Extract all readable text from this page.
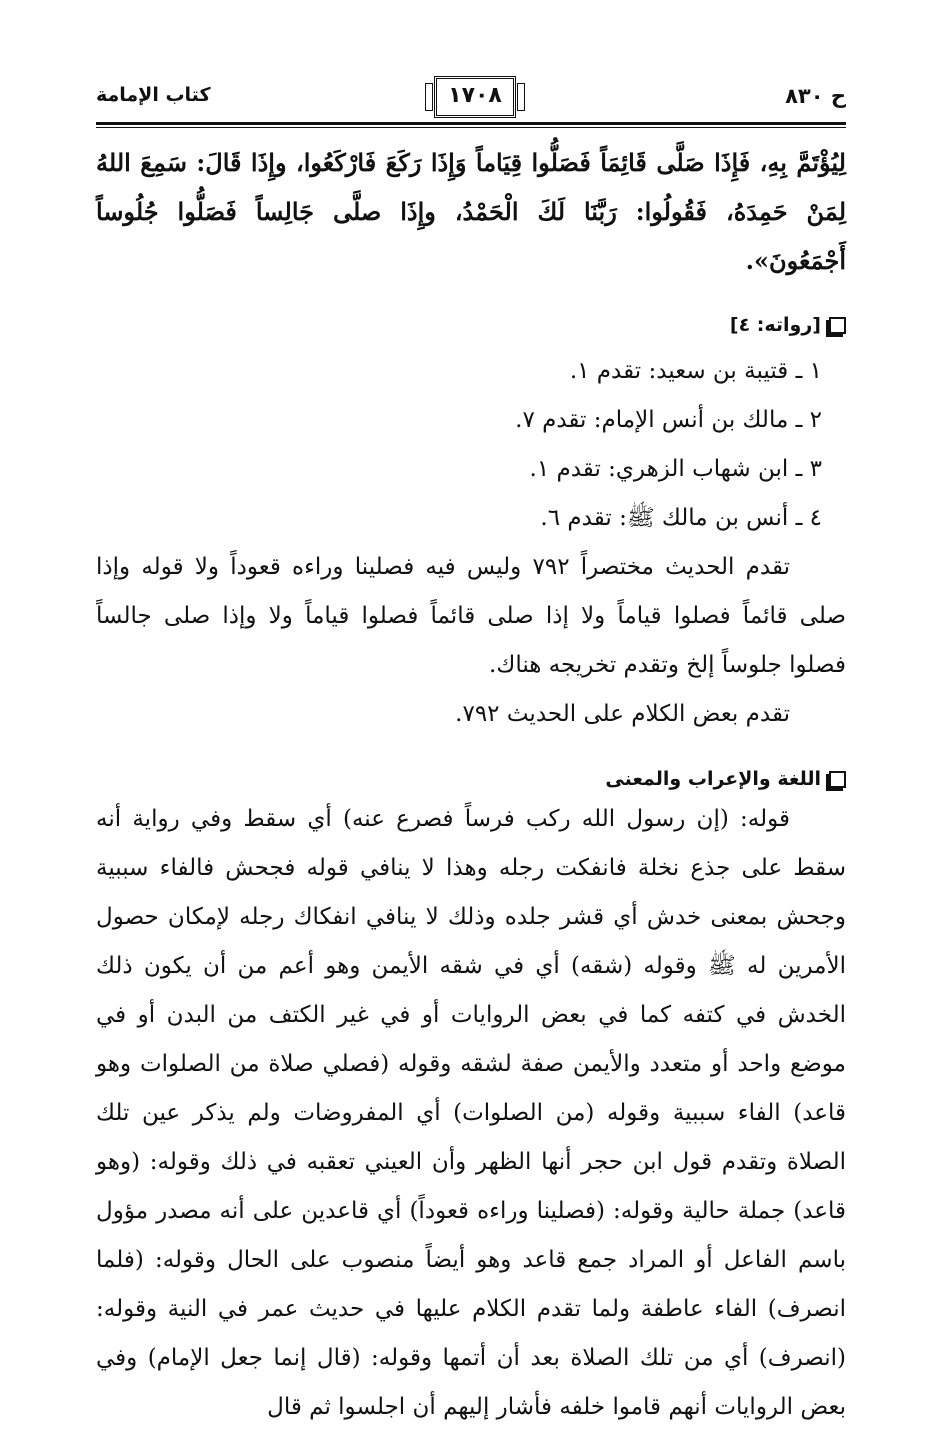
ح ٨٣٠
١٧٠٨
كتاب الإمامة

لِيُؤْتَمَّ بِهِ، فَإِذَا صَلَّى قَائِمَاً فَصَلُّوا قِيَاماً وَإِذَا رَكَعَ فَارْكَعُوا، وإِذَا قَالَ: سَمِعَ اللهُ لِمَنْ حَمِدَهُ، فَقُولُوا: رَبَّنَا لَكَ الْحَمْدُ، وإِذَا صلَّى جَالِساً فَصَلُّوا جُلُوساً أَجْمَعُونَ».

[رواته: ٤]
١ ـ قتيبة بن سعيد: تقدم ١.
٢ ـ مالك بن أنس الإمام: تقدم ٧.
٣ ـ ابن شهاب الزهري: تقدم ١.
٤ ـ أنس بن مالك ﷺ: تقدم ٦.

تقدم الحديث مختصراً ٧٩٢ وليس فيه فصلينا وراءه قعوداً ولا قوله وإذا صلى قائماً فصلوا قياماً ولا إذا صلى قائماً فصلوا قياماً ولا وإذا صلى جالساً فصلوا جلوساً إلخ وتقدم تخريجه هناك.

تقدم بعض الكلام على الحديث ٧٩٢.

اللغة والإعراب والمعنى

قوله: (إن رسول الله ركب فرساً فصرع عنه) أي سقط وفي رواية أنه سقط على جذع نخلة فانفكت رجله وهذا لا ينافي قوله فجحش فالفاء سببية وجحش بمعنى خدش أي قشر جلده وذلك لا ينافي انفكاك رجله لإمكان حصول الأمرين له ﷺ وقوله (شقه) أي في شقه الأيمن وهو أعم من أن يكون ذلك الخدش في كتفه كما في بعض الروايات أو في غير الكتف من البدن أو في موضع واحد أو متعدد والأيمن صفة لشقه وقوله (فصلي صلاة من الصلوات وهو قاعد) الفاء سببية وقوله (من الصلوات) أي المفروضات ولم يذكر عين تلك الصلاة وتقدم قول ابن حجر أنها الظهر وأن العيني تعقبه في ذلك وقوله: (وهو قاعد) جملة حالية وقوله: (فصلينا وراءه قعوداً) أي قاعدين على أنه مصدر مؤول باسم الفاعل أو المراد جمع قاعد وهو أيضاً منصوب على الحال وقوله: (فلما انصرف) الفاء عاطفة ولما تقدم الكلام عليها في حديث عمر في النية وقوله: (انصرف) أي من تلك الصلاة بعد أن أتمها وقوله: (قال إنما جعل الإمام) وفي بعض الروايات أنهم قاموا خلفه فأشار إليهم أن اجلسوا ثم قال
